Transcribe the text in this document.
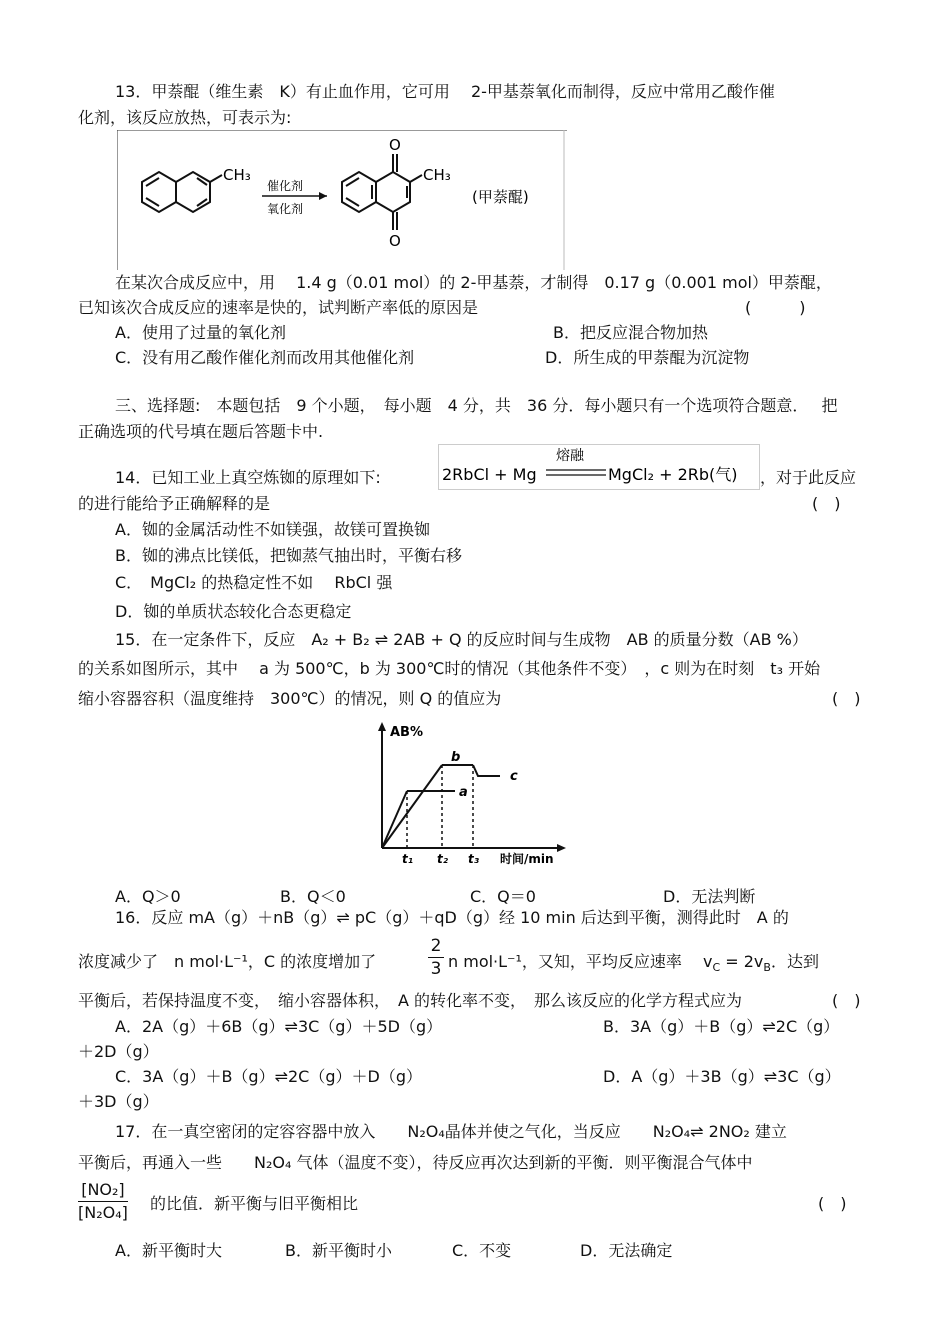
13．甲萘醌（维生素　K）有止血作用，它可用　 2-甲基萘氧化而制得，反应中常用乙酸作催
化剂，该反应放热，可表示为:
CH₃
催化剂
氧化剂
O
O
CH₃
(甲萘醌)
在某次合成反应中，用　 1.4 g（0.01 mol）的 2-甲基萘，才制得　0.17 g（0.001 mol）甲萘醌，
已知该次合成反应的速率是快的，试判断产率低的原因是	(　　　)
A．使用了过量的氧化剂	B．把反应混合物加热
C．没有用乙酸作催化剂而改用其他催化剂	D．所生成的甲萘醌为沉淀物
三、选择题:　本题包括　9 个小题，　每小题　4 分，共　36 分．每小题只有一个选项符合题意．　 把
正确选项的代号填在题后答题卡中.
14．已知工业上真空炼铷的原理如下:	2RbCl + Mg
熔融
MgCl₂ + 2Rb(气) ，对于此反应
的进行能给予正确解释的是	(　)
A．铷的金属活动性不如镁强，故镁可置换铷
B．铷的沸点比镁低，把铷蒸气抽出时，平衡右移
C．　MgCl₂ 的热稳定性不如　 RbCl 强
D．铷的单质状态较化合态更稳定
15．在一定条件下，反应　A₂ + B₂ ⇌ 2AB + Q 的反应时间与生成物　AB 的质量分数（AB %）
的关系如图所示，其中　 a 为 500℃，b 为 300℃时的情况（其他条件不变）　，c 则为在时刻　t₃ 开始
缩小容器容积（温度维持　300℃）的情况，则 Q 的值应为	(　)
AB%
a
b
c
t₁ t₂ t₃ 时间/min
A．Q＞0	B．Q＜0	C．Q＝0	D．无法判断
16．反应 mA（g）＋nB（g）⇌ pC（g）＋qD（g）经 10 min 后达到平衡，测得此时　A 的
浓度减少了　n mol·L⁻¹，C 的浓度增加了
2
3 n mol·L⁻¹，又知，平均反应速率　 $v_C = 2v_B$．达到
平衡后，若保持温度不变，　缩小容器体积，　A 的转化率不变，　那么该反应的化学方程式应为	(　)
A．2A（g）＋6B（g）⇌3C（g）＋5D（g）	B．3A（g）＋B（g）⇌2C（g）
＋2D（g）
C．3A（g）＋B（g）⇌2C（g）＋D（g）	D．A（g）＋3B（g）⇌3C（g）
＋3D（g）
17．在一真空密闭的定容容器中放入　　N₂O₄晶体并使之气化，当反应　　N₂O₄⇌ 2NO₂ 建立
平衡后，再通入一些　　N₂O₄ 气体（温度不变），待反应再次达到新的平衡．则平衡混合气体中
[NO₂]
[N₂O₄] 的比值．新平衡与旧平衡相比	(　)
A．新平衡时大	B．新平衡时小	C．不变	D．无法确定
